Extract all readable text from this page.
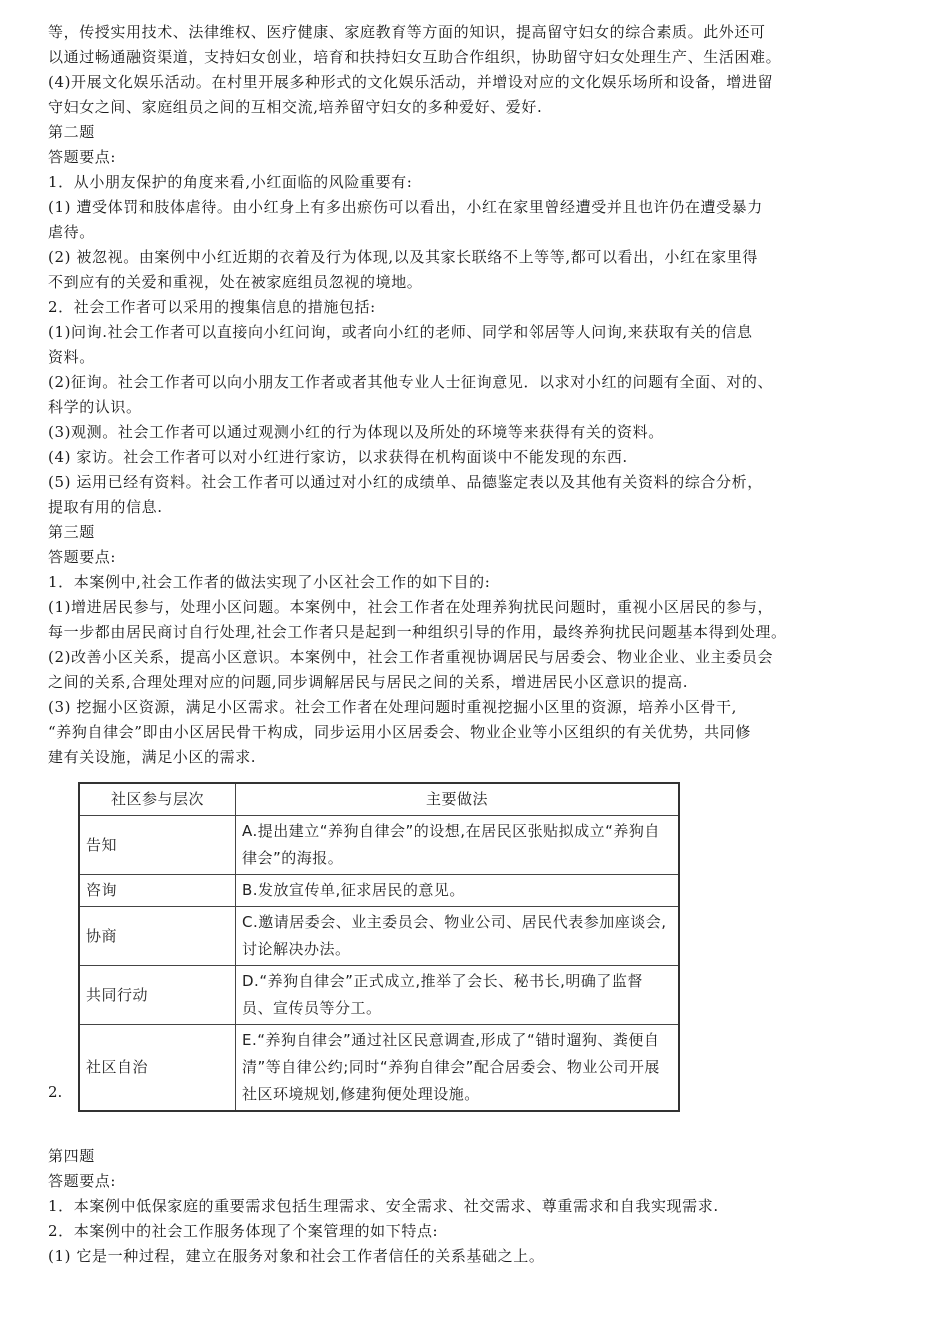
等，传授实用技术、法律维权、医疗健康、家庭教育等方面的知识，提高留守妇女的综合素质。此外还可
以通过畅通融资渠道，支持妇女创业，培育和扶持妇女互助合作组织，协助留守妇女处理生产、生活困难。
(4)开展文化娱乐活动。在村里开展多种形式的文化娱乐活动，并增设对应的文化娱乐场所和设备，增进留
守妇女之间、家庭组员之间的互相交流,培养留守妇女的多种爱好、爱好.
第二题
答题要点:
1．从小朋友保护的角度来看,小红面临的风险重要有:
(1) 遭受体罚和肢体虐待。由小红身上有多出瘀伤可以看出，小红在家里曾经遭受并且也许仍在遭受暴力
虐待。
(2) 被忽视。由案例中小红近期的衣着及行为体现,以及其家长联络不上等等,都可以看出，小红在家里得
不到应有的关爱和重视，处在被家庭组员忽视的境地。
2．社会工作者可以采用的搜集信息的措施包括:
(1)问询.社会工作者可以直接向小红问询，或者向小红的老师、同学和邻居等人问询,来获取有关的信息
资料。
(2)征询。社会工作者可以向小朋友工作者或者其他专业人士征询意见．以求对小红的问题有全面、对的、
科学的认识。
(3)观测。社会工作者可以通过观测小红的行为体现以及所处的环境等来获得有关的资料。
(4) 家访。社会工作者可以对小红进行家访，以求获得在机构面谈中不能发现的东西.
(5) 运用已经有资料。社会工作者可以通过对小红的成绩单、品德鉴定表以及其他有关资料的综合分析，
提取有用的信息.
第三题
答题要点:
1．本案例中,社会工作者的做法实现了小区社会工作的如下目的:
(1)增进居民参与，处理小区问题。本案例中，社会工作者在处理养狗扰民问题时，重视小区居民的参与，
每一步都由居民商讨自行处理,社会工作者只是起到一种组织引导的作用，最终养狗扰民问题基本得到处理。
(2)改善小区关系，提高小区意识。本案例中，社会工作者重视协调居民与居委会、物业企业、业主委员会
之间的关系,合理处理对应的问题,同步调解居民与居民之间的关系，增进居民小区意识的提高.
(3) 挖掘小区资源，满足小区需求。社会工作者在处理问题时重视挖掘小区里的资源，培养小区骨干,
“养狗自律会”即由小区居民骨干构成，同步运用小区居委会、物业企业等小区组织的有关优势，共同修
建有关设施，满足小区的需求.
2.
社区参与层次	主要做法
告知	A.提出建立“养狗自律会”的设想,在居民区张贴拟成立“养狗自律会”的海报。
咨询	B.发放宣传单,征求居民的意见。
协商	C.邀请居委会、业主委员会、物业公司、居民代表参加座谈会,讨论解决办法。
共同行动	D.“养狗自律会”正式成立,推举了会长、秘书长,明确了监督员、宣传员等分工。
社区自治	E.“养狗自律会”通过社区民意调查,形成了“错时遛狗、粪便自清”等自律公约;同时“养狗自律会”配合居委会、物业公司开展社区环境规划,修建狗便处理设施。
第四题
答题要点:
1．本案例中低保家庭的重要需求包括生理需求、安全需求、社交需求、尊重需求和自我实现需求.
2．本案例中的社会工作服务体现了个案管理的如下特点:
(1) 它是一种过程，建立在服务对象和社会工作者信任的关系基础之上。
